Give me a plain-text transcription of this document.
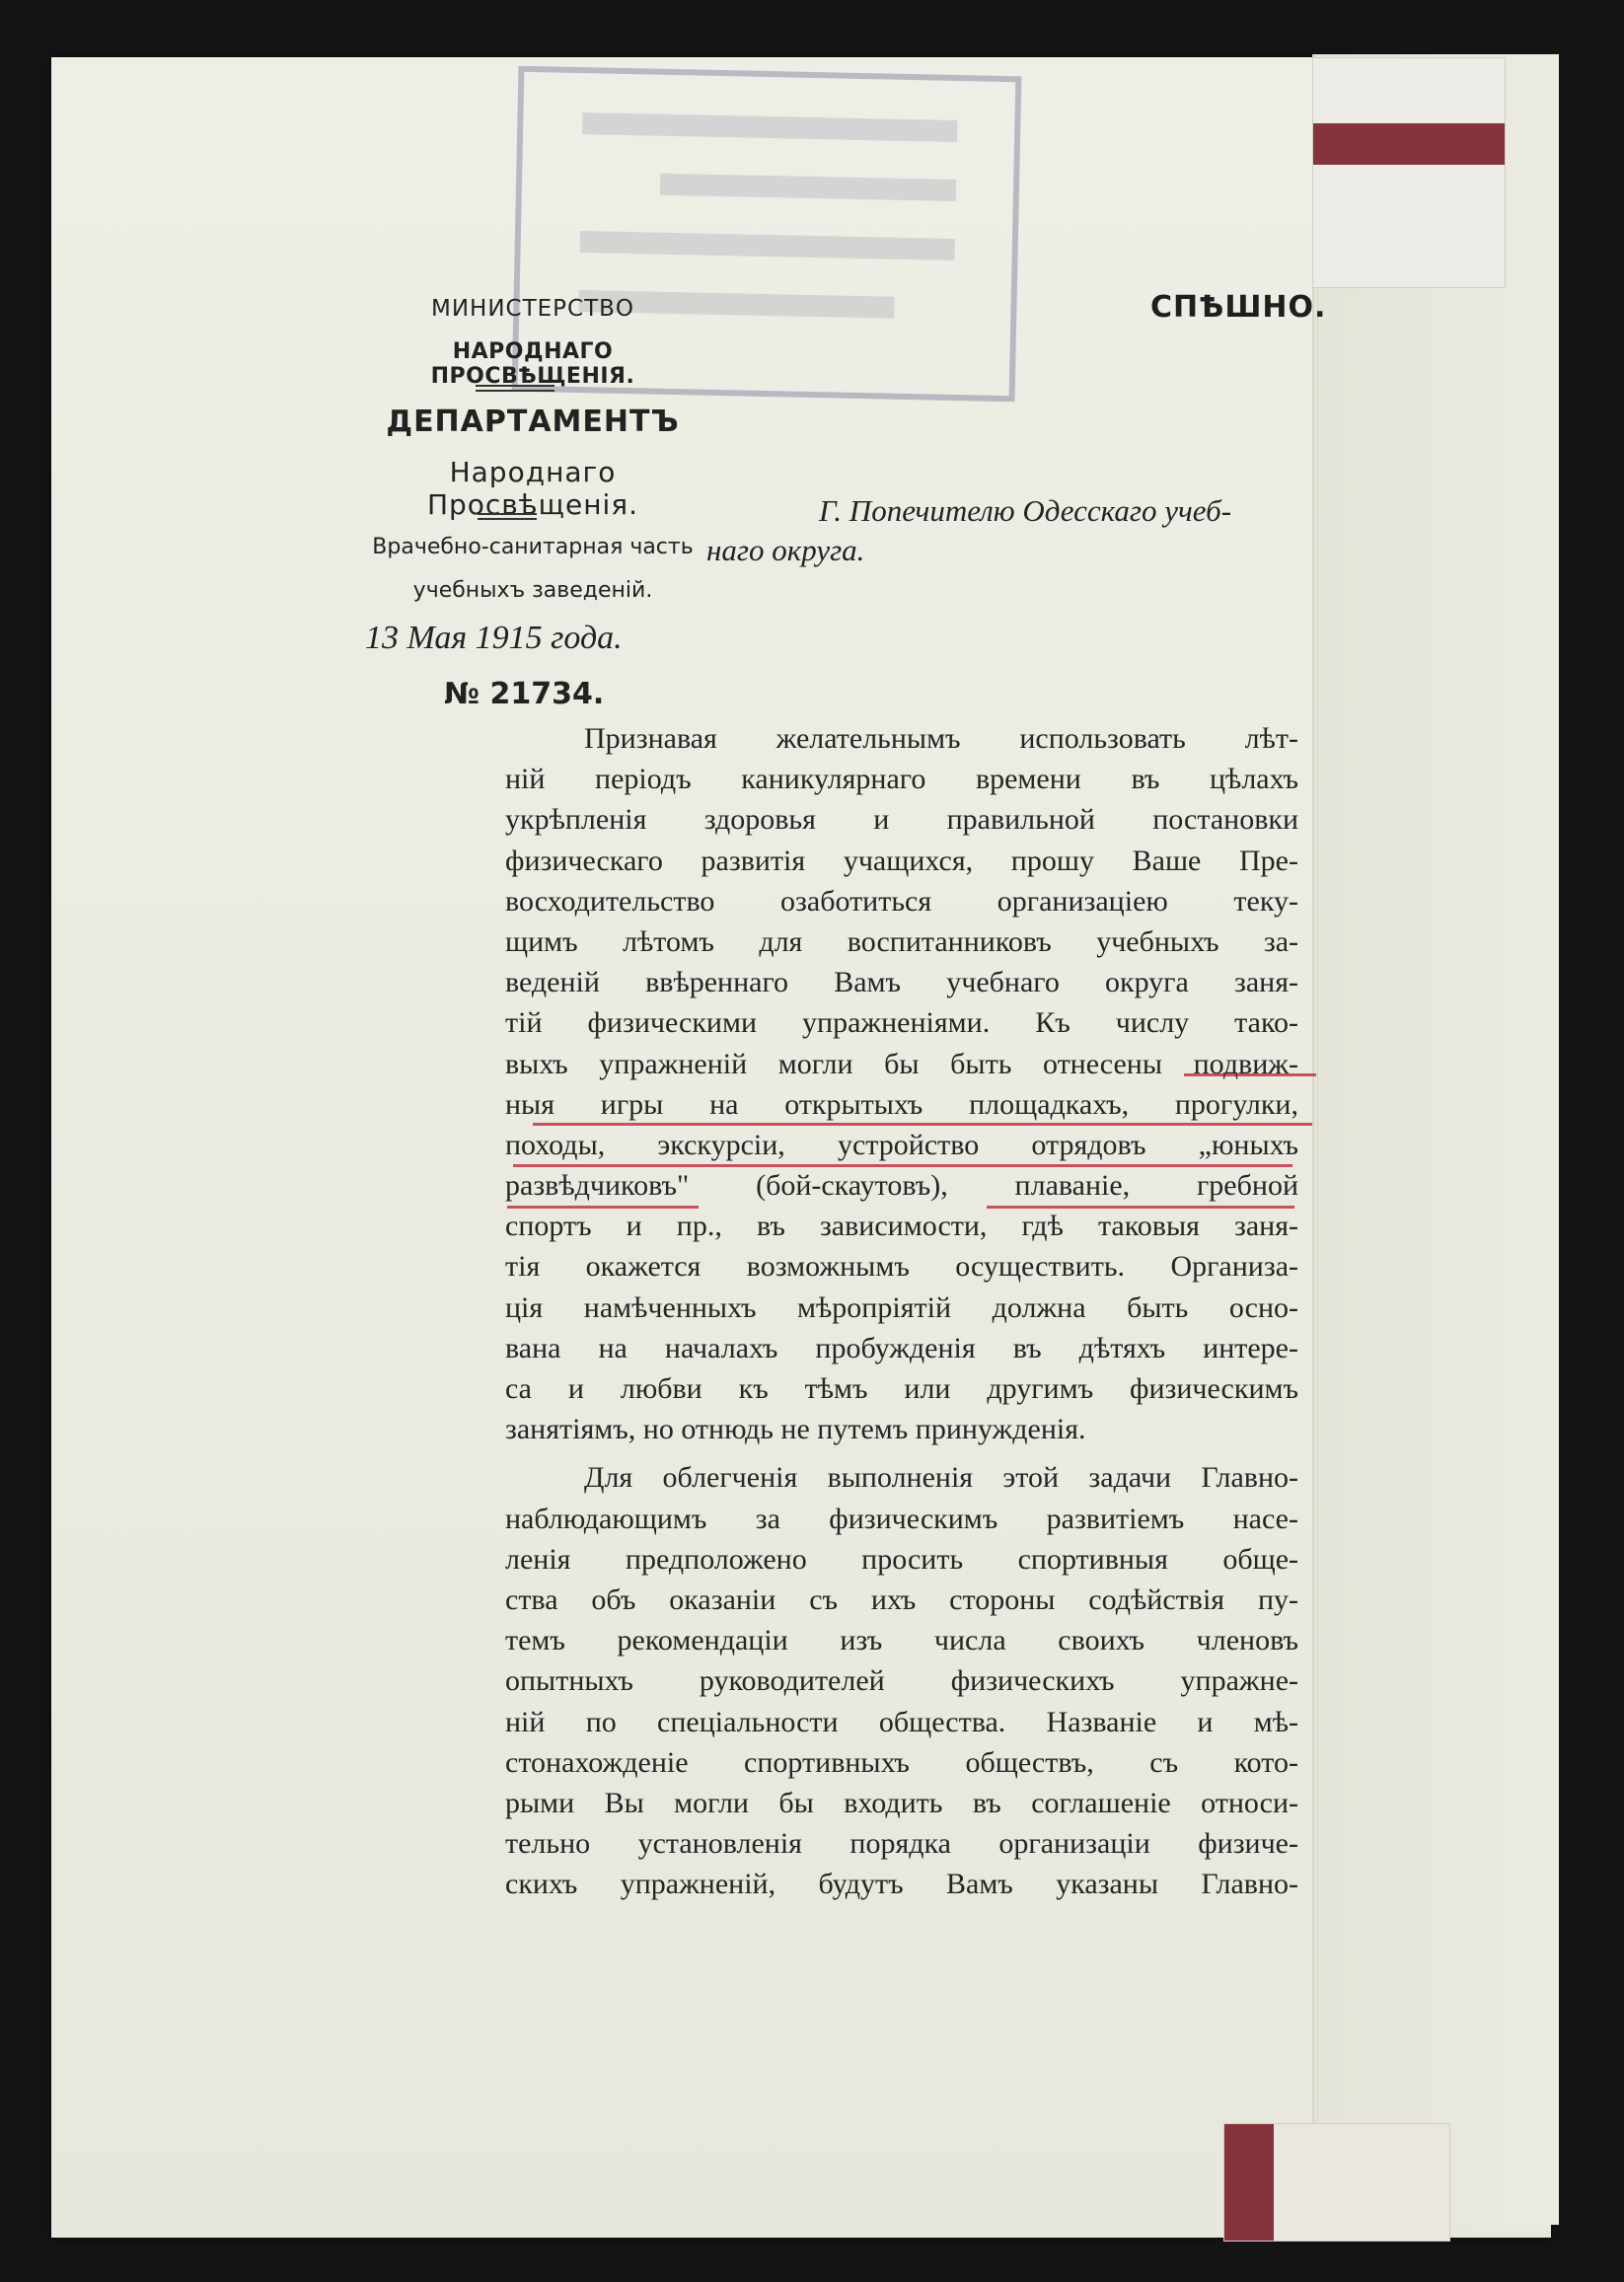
МИНИСТЕРСТВО
НАРОДНАГО ПРОСВѢЩЕНІЯ.
ДЕПАРТАМЕНТЪ
Народнаго Просвѣщенія.
Врачебно-санитарная часть
учебныхъ заведеній.
13 Мая 1915 года.
№ 21734.
СПѢШНО.
Г. Попечителю Одесскаго учеб-
наго округа.
Признавая желательнымъ использовать лѣт-
ній періодъ каникулярнаго времени въ цѣлахъ
укрѣпленія здоровья и правильной постановки
физическаго развитія учащихся, прошу Ваше Пре-
восходительство озаботиться организаціею теку-
щимъ лѣтомъ для воспитанниковъ учебныхъ за-
веденій ввѣреннаго Вамъ учебнаго округа заня-
тій физическими упражненіями. Къ числу тако-
выхъ упражненій могли бы быть отнесены подвиж-
ныя игры на открытыхъ площадкахъ, прогулки,
походы, экскурсіи, устройство отрядовъ „юныхъ
развѣдчиковъ" (бой-скаутовъ), плаваніе, гребной
спортъ и пр., въ зависимости, гдѣ таковыя заня-
тія окажется возможнымъ осуществить. Организа-
ція намѣченныхъ мѣропріятій должна быть осно-
вана на началахъ пробужденія въ дѣтяхъ интере-
са и любви къ тѣмъ или другимъ физическимъ
занятіямъ, но отнюдь не путемъ принужденія.
Для облегченія выполненія этой задачи Главно-
наблюдающимъ за физическимъ развитіемъ насе-
ленія предположено просить спортивныя обще-
ства объ оказаніи съ ихъ стороны содѣйствія пу-
темъ рекомендаціи изъ числа своихъ членовъ
опытныхъ руководителей физическихъ упражне-
ній по спеціальности общества. Названіе и мѣ-
стонахожденіе спортивныхъ обществъ, съ кото-
рыми Вы могли бы входить въ соглашеніе относи-
тельно установленія порядка организаціи физиче-
скихъ упражненій, будутъ Вамъ указаны Главно-
